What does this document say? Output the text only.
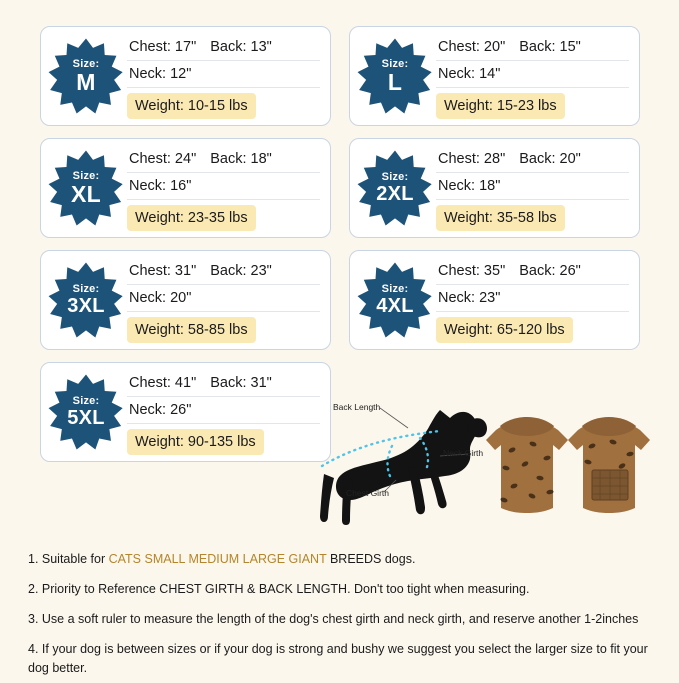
Size:
M
Chest: 17" Back: 13"
Neck: 12"
Weight: 10-15 lbs
Size:
L
Chest: 20" Back: 15"
Neck: 14"
Weight: 15-23 lbs
Size:
XL
Chest: 24" Back: 18"
Neck: 16"
Weight: 23-35 lbs
Size:
2XL
Chest: 28" Back: 20"
Neck: 18"
Weight: 35-58 lbs
Size:
3XL
Chest: 31" Back: 23"
Neck: 20"
Weight: 58-85 lbs
Size:
4XL
Chest: 35" Back: 26"
Neck: 23"
Weight: 65-120 lbs
Size:
5XL
Chest: 41" Back: 31"
Neck: 26"
Weight: 90-135 lbs
Back Length
Neck Girth
Chest Girth
1. Suitable for CATS SMALL MEDIUM LARGE GIANT BREEDS dogs.
2. Priority to Reference CHEST GIRTH & BACK LENGTH. Don't too tight when measuring.
3. Use a soft ruler to measure the length of the dog's chest girth and neck girth, and reserve another 1-2inches
4. If your dog is between sizes or if your dog is strong and bushy we suggest you select the larger size to fit your dog better.
